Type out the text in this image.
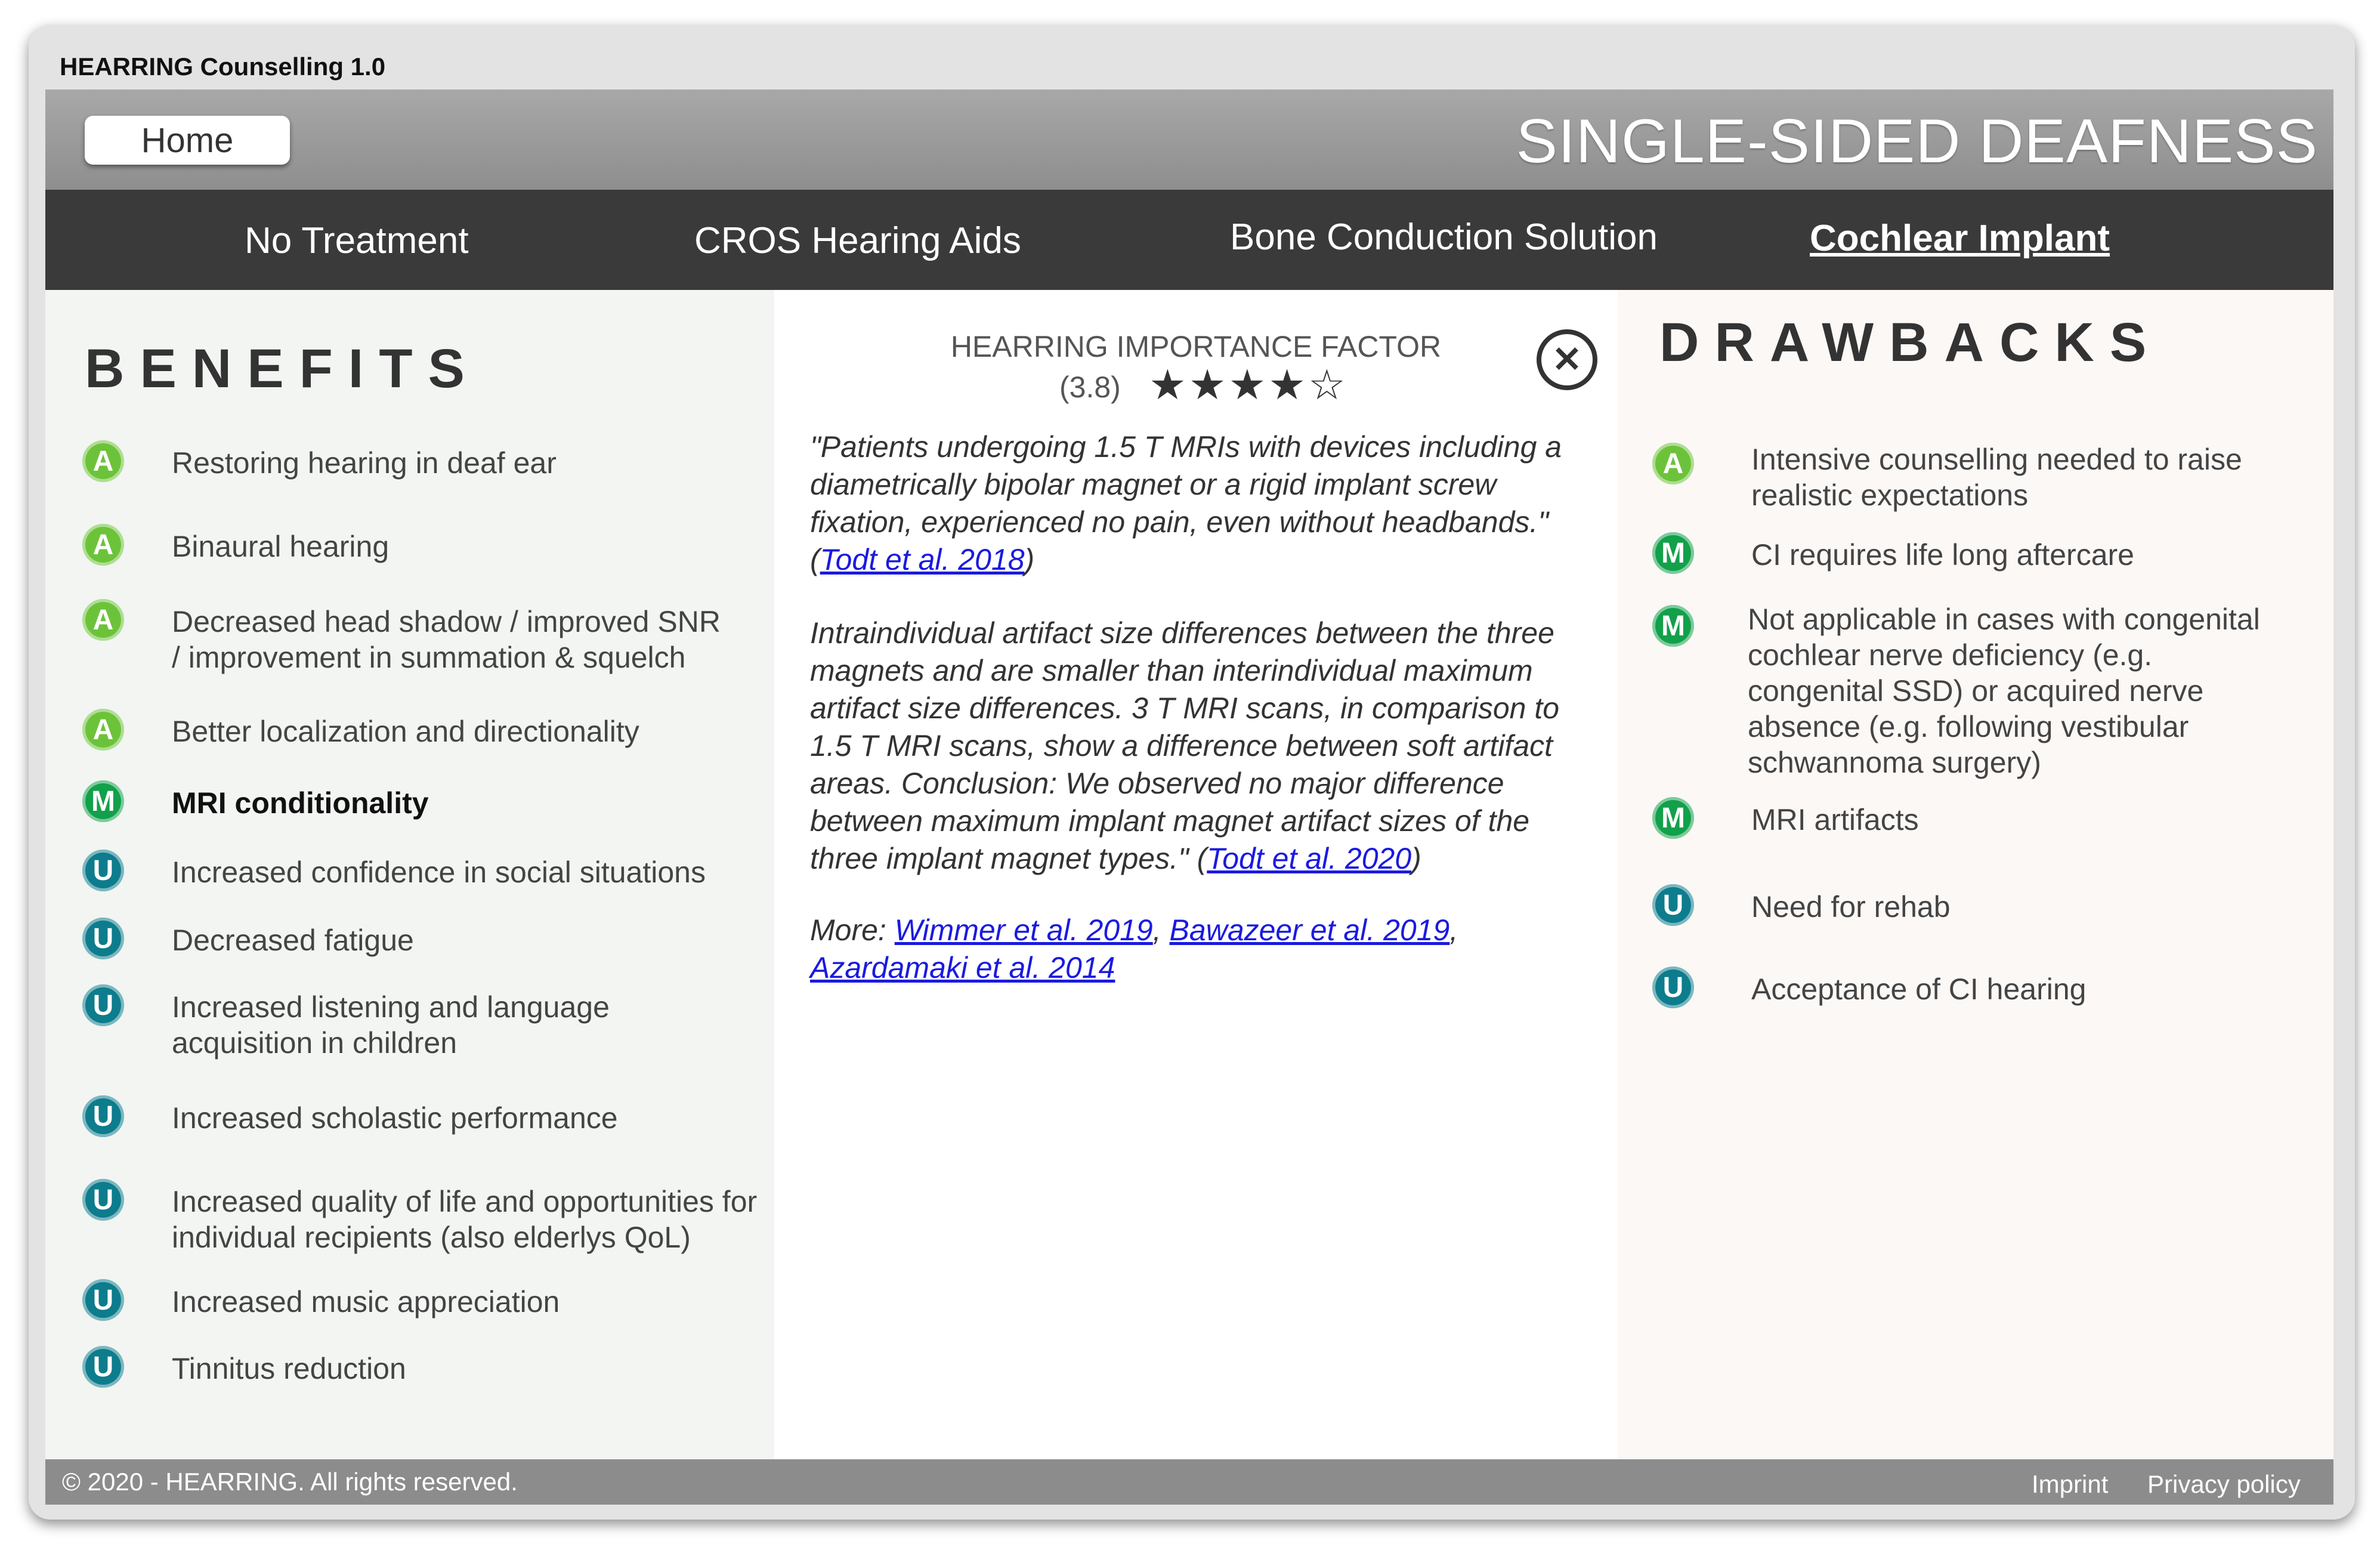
HEARRING Counselling 1.0
Home	SINGLE-SIDED DEAFNESS
No Treatment	CROS Hearing Aids	Bone Conduction Solution	Cochlear Implant
BENEFITS
A	Restoring hearing in deaf ear
A	Binaural hearing
A	Decreased head shadow / improved SNR / improvement in summation & squelch
A	Better localization and directionality
M	MRI conditionality
U	Increased confidence in social situations
U	Decreased fatigue
U	Increased listening and language acquisition in children
U	Increased scholastic performance
U	Increased quality of life and opportunities for individual recipients (also elderlys QoL)
U	Increased music appreciation
U	Tinnitus reduction
HEARRING IMPORTANCE FACTOR
(3.8) ★★★★☆
✕
"Patients undergoing 1.5 T MRIs with devices including a diametrically bipolar magnet or a rigid implant screw fixation, experienced no pain, even without headbands." (Todt et al. 2018)
Intraindividual artifact size differences between the three magnets and are smaller than interindividual maximum artifact size differences. 3 T MRI scans, in comparison to 1.5 T MRI scans, show a difference between soft artifact areas. Conclusion: We observed no major difference between maximum implant magnet artifact sizes of the three implant magnet types." (Todt et al. 2020)
More: Wimmer et al. 2019, Bawazeer et al. 2019, Azardamaki et al. 2014
DRAWBACKS
A	Intensive counselling needed to raise realistic expectations
M	CI requires life long aftercare
M	Not applicable in cases with congenital cochlear nerve deficiency (e.g. congenital SSD) or acquired nerve absence (e.g. following vestibular schwannoma surgery)
M	MRI artifacts
U	Need for rehab
U	Acceptance of CI hearing
© 2020 - HEARRING. All rights reserved.	Imprint Privacy policy
